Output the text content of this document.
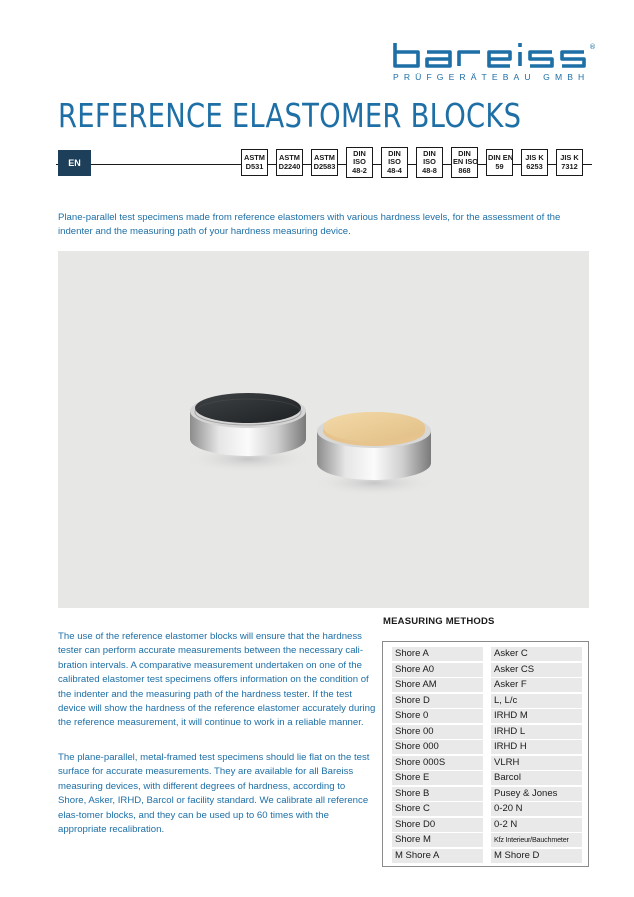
®
PRÜFGERÄTEBAU GMBH
REFERENCE ELASTOMER BLOCKS
EN
ASTM
D531
ASTM
D2240
ASTM
D2583
DIN
ISO
48-2
DIN
ISO
48-4
DIN
ISO
48-8
DIN
EN ISO
868
DIN EN
59
JIS K
6253
JIS K
7312

Plane-parallel test specimens made from reference elastomers with various hardness levels, for the assessment of the indenter and the measuring path of your hardness measuring device.

The use of the reference elastomer blocks will ensure that the hardness tester can perform accurate measurements between the necessary cali-bration intervals. A comparative measurement undertaken on one of the calibrated elastomer test specimens offers information on the condition of the indenter and the measuring path of the hardness tester. If the test device will show the hardness of the reference elastomer accurately during the reference measurement, it will continue to work in a reliable manner.

The plane-parallel, metal-framed test specimens should lie flat on the test surface for accurate measurements. They are available for all Bareiss measuring devices, with different degrees of hardness, according to Shore, Asker, IRHD, Barcol or facility standard. We calibrate all reference elas-tomer blocks, and they can be used up to 60 times with the appropriate recalibration.

MEASURING METHODS
Shore A	Asker C
Shore A0	Asker CS
Shore AM	Asker F
Shore D	L, L/c
Shore 0	IRHD M
Shore 00	IRHD L
Shore 000	IRHD H
Shore 000S	VLRH
Shore E	Barcol
Shore B	Pusey & Jones
Shore C	0-20 N
Shore D0	0-2 N
Shore M	Kfz Interieur/Bauchmeter
M Shore A	M Shore D
